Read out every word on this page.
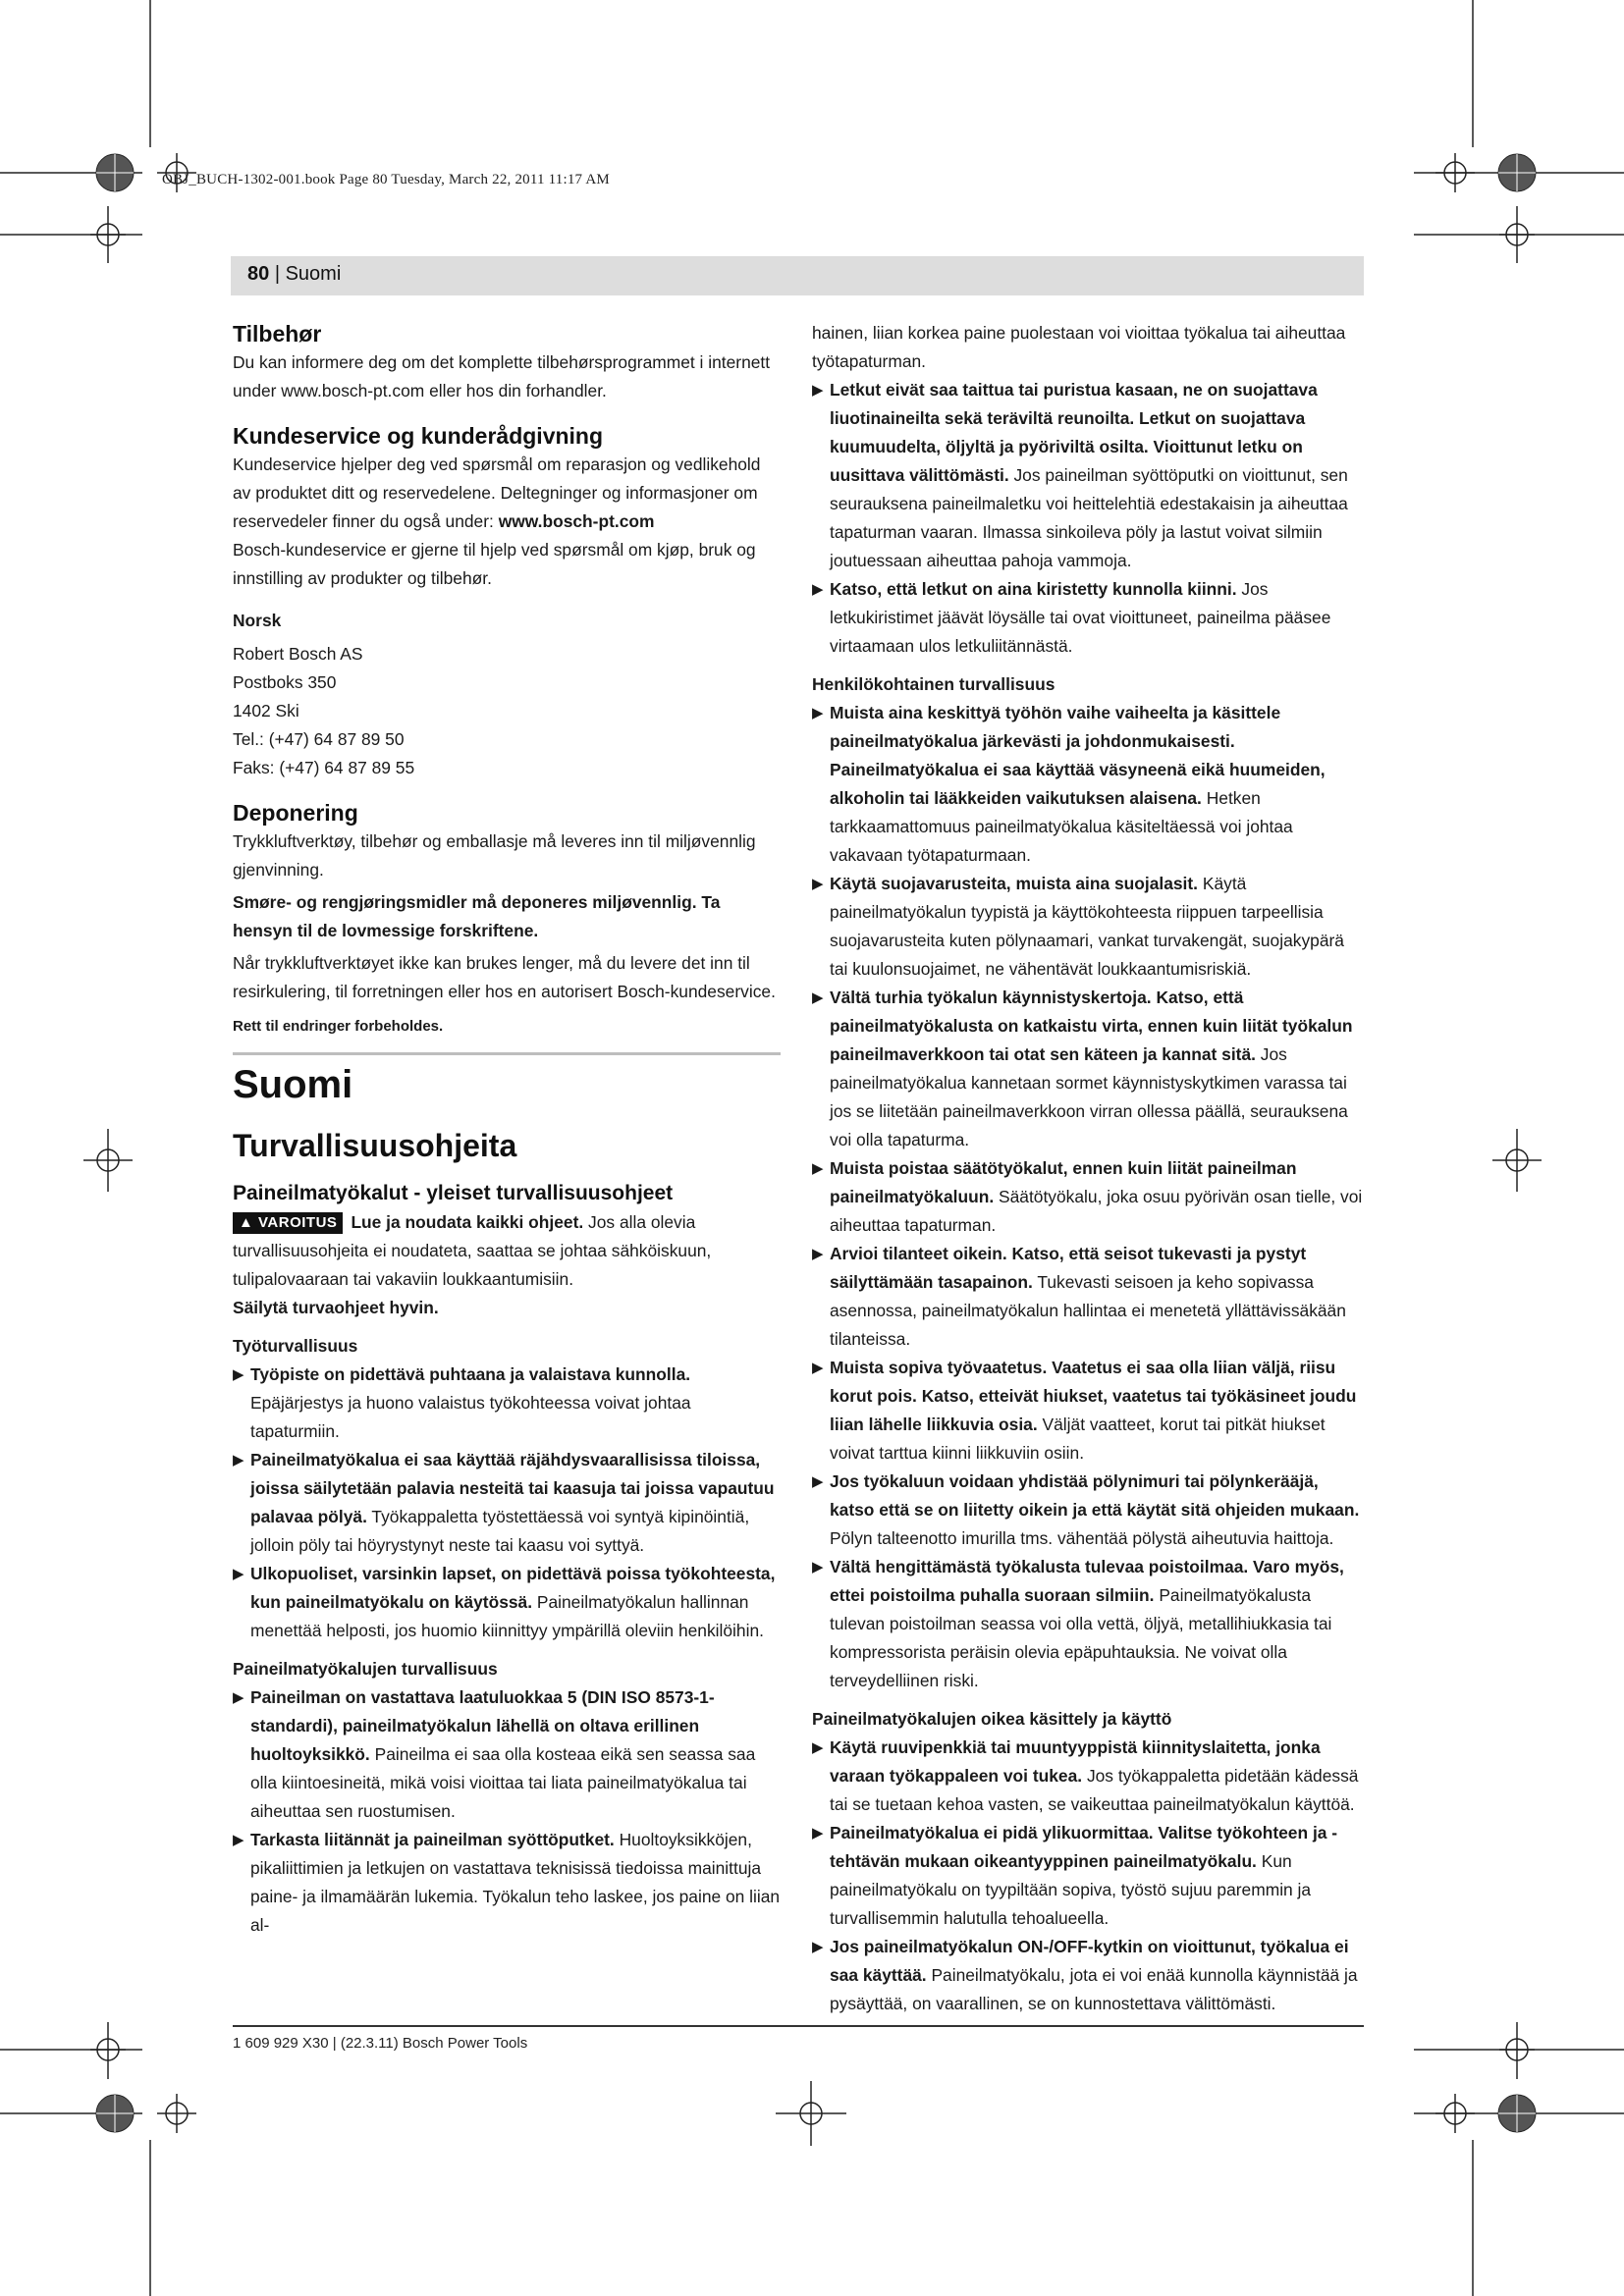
OBJ_BUCH-1302-001.book Page 80 Tuesday, March 22, 2011 11:17 AM
80 | Suomi

Tilbehør

Du kan informere deg om det komplette tilbehørsprogrammet i internett under www.bosch-pt.com eller hos din forhandler.

Kundeservice og kunderådgivning

Kundeservice hjelper deg ved spørsmål om reparasjon og vedlikehold av produktet ditt og reservedelene. Deltegninger og informasjoner om reservedeler finner du også under: www.bosch-pt.com

Bosch-kundeservice er gjerne til hjelp ved spørsmål om kjøp, bruk og innstilling av produkter og tilbehør.

Norsk

Robert Bosch AS

Postboks 350

1402 Ski

Tel.: (+47) 64 87 89 50

Faks: (+47) 64 87 89 55

Deponering

Trykkluftverktøy, tilbehør og emballasje må leveres inn til miljøvennlig gjenvinning.

Smøre- og rengjøringsmidler må deponeres miljøvennlig. Ta hensyn til de lovmessige forskriftene.

Når trykkluftverktøyet ikke kan brukes lenger, må du levere det inn til resirkulering, til forretningen eller hos en autorisert Bosch-kundeservice.

Rett til endringer forbeholdes.

Suomi

Turvallisuusohjeita

Paineilmatyökalut - yleiset turvallisuusohjeet

▲ VAROITUS Lue ja noudata kaikki ohjeet. Jos alla olevia turvallisuusohjeita ei noudateta, saattaa se johtaa sähköiskuun, tulipalovaaraan tai vakaviin loukkaantumisiin.

Säilytä turvaohjeet hyvin.

Työturvallisuus

▶ Työpiste on pidettävä puhtaana ja valaistava kunnolla. Epäjärjestys ja huono valaistus työkohteessa voivat johtaa tapaturmiin.
▶ Paineilmatyökalua ei saa käyttää räjähdysvaarallisissa tiloissa, joissa säilytetään palavia nesteitä tai kaasuja tai joissa vapautuu palavaa pölyä. Työkappaletta työstettäessä voi syntyä kipinöintiä, jolloin pöly tai höyrystynyt neste tai kaasu voi syttyä.
▶ Ulkopuoliset, varsinkin lapset, on pidettävä poissa työkohteesta, kun paineilmatyökalu on käytössä. Paineilmatyökalun hallinnan menettää helposti, jos huomio kiinnittyy ympärillä oleviin henkilöihin.

Paineilmatyökalujen turvallisuus

▶ Paineilman on vastattava laatuluokkaa 5 (DIN ISO 8573-1-standardi), paineilmatyökalun lähellä on oltava erillinen huoltoyksikkö. Paineilma ei saa olla kosteaa eikä sen seassa saa olla kiintoesineitä, mikä voisi vioittaa tai liata paineilmatyökalua tai aiheuttaa sen ruostumisen.
▶ Tarkasta liitännät ja paineilman syöttöputket. Huoltoyksikköjen, pikaliittimien ja letkujen on vastattava teknisissä tiedoissa mainittuja paine- ja ilmamäärän lukemia. Työkalun teho laskee, jos paine on liian al-

hainen, liian korkea paine puolestaan voi vioittaa työkalua tai aiheuttaa työtapaturman.

▶ Letkut eivät saa taittua tai puristua kasaan, ne on suojattava liuotinaineilta sekä teräviltä reunoilta. Letkut on suojattava kuumuudelta, öljyltä ja pyöriviltä osilta. Vioittunut letku on uusittava välittömästi. Jos paineilman syöttöputki on vioittunut, sen seurauksena paineilmaletku voi heittelehtiä edestakaisin ja aiheuttaa tapaturman vaaran. Ilmassa sinkoileva pöly ja lastut voivat silmiin joutuessaan aiheuttaa pahoja vammoja.
▶ Katso, että letkut on aina kiristetty kunnolla kiinni. Jos letkukiristimet jäävät löysälle tai ovat vioittuneet, paineilma pääsee virtaamaan ulos letkuliitännästä.

Henkilökohtainen turvallisuus

▶ Muista aina keskittyä työhön vaihe vaiheelta ja käsittele paineilmatyökalua järkevästi ja johdonmukaisesti. Paineilmatyökalua ei saa käyttää väsyneenä eikä huumeiden, alkoholin tai lääkkeiden vaikutuksen alaisena. Hetken tarkkaamattomuus paineilmatyökalua käsiteltäessä voi johtaa vakavaan työtapaturmaan.
▶ Käytä suojavarusteita, muista aina suojalasit. Käytä paineilmatyökalun tyypistä ja käyttökohteesta riippuen tarpeellisia suojavarusteita kuten pölynaamari, vankat turvakengät, suojakypärä tai kuulonsuojaimet, ne vähentävät loukkaantumisriskiä.
▶ Vältä turhia työkalun käynnistyskertoja. Katso, että paineilmatyökalusta on katkaistu virta, ennen kuin liität työkalun paineilmaverkkoon tai otat sen käteen ja kannat sitä. Jos paineilmatyökalua kannetaan sormet käynnistyskytkimen varassa tai jos se liitetään paineilmaverkkoon virran ollessa päällä, seurauksena voi olla tapaturma.
▶ Muista poistaa säätötyökalut, ennen kuin liität paineilman paineilmatyökaluun. Säätötyökalu, joka osuu pyörivän osan tielle, voi aiheuttaa tapaturman.
▶ Arvioi tilanteet oikein. Katso, että seisot tukevasti ja pystyt säilyttämään tasapainon. Tukevasti seisoen ja keho sopivassa asennossa, paineilmatyökalun hallintaa ei menetetä yllättävissäkään tilanteissa.
▶ Muista sopiva työvaatetus. Vaatetus ei saa olla liian väljä, riisu korut pois. Katso, etteivät hiukset, vaatetus tai työkäsineet joudu liian lähelle liikkuvia osia. Väljät vaatteet, korut tai pitkät hiukset voivat tarttua kiinni liikkuviin osiin.
▶ Jos työkaluun voidaan yhdistää pölynimuri tai pölynkerääjä, katso että se on liitetty oikein ja että käytät sitä ohjeiden mukaan. Pölyn talteenotto imurilla tms. vähentää pölystä aiheutuvia haittoja.
▶ Vältä hengittämästä työkalusta tulevaa poistoilmaa. Varo myös, ettei poistoilma puhalla suoraan silmiin. Paineilmatyökalusta tulevan poistoilman seassa voi olla vettä, öljyä, metallihiukkasia tai kompressorista peräisin olevia epäpuhtauksia. Ne voivat olla terveydelliinen riski.

Paineilmatyökalujen oikea käsittely ja käyttö

▶ Käytä ruuvipenkkiä tai muuntyyppistä kiinnityslaitetta, jonka varaan työkappaleen voi tukea. Jos työkappaletta pidetään kädessä tai se tuetaan kehoa vasten, se vaikeuttaa paineilmatyökalun käyttöä.
▶ Paineilmatyökalua ei pidä ylikuormittaa. Valitse työkohteen ja -tehtävän mukaan oikeantyyppinen paineilmatyökalu. Kun paineilmatyökalu on tyypiltään sopiva, työstö sujuu paremmin ja turvallisemmin halutulla tehoalueella.
▶ Jos paineilmatyökalun ON-/OFF-kytkin on vioittunut, työkalua ei saa käyttää. Paineilmatyökalu, jota ei voi enää kunnolla käynnistää ja pysäyttää, on vaarallinen, se on kunnostettava välittömästi.
1 609 929 X30 | (22.3.11) Bosch Power Tools
